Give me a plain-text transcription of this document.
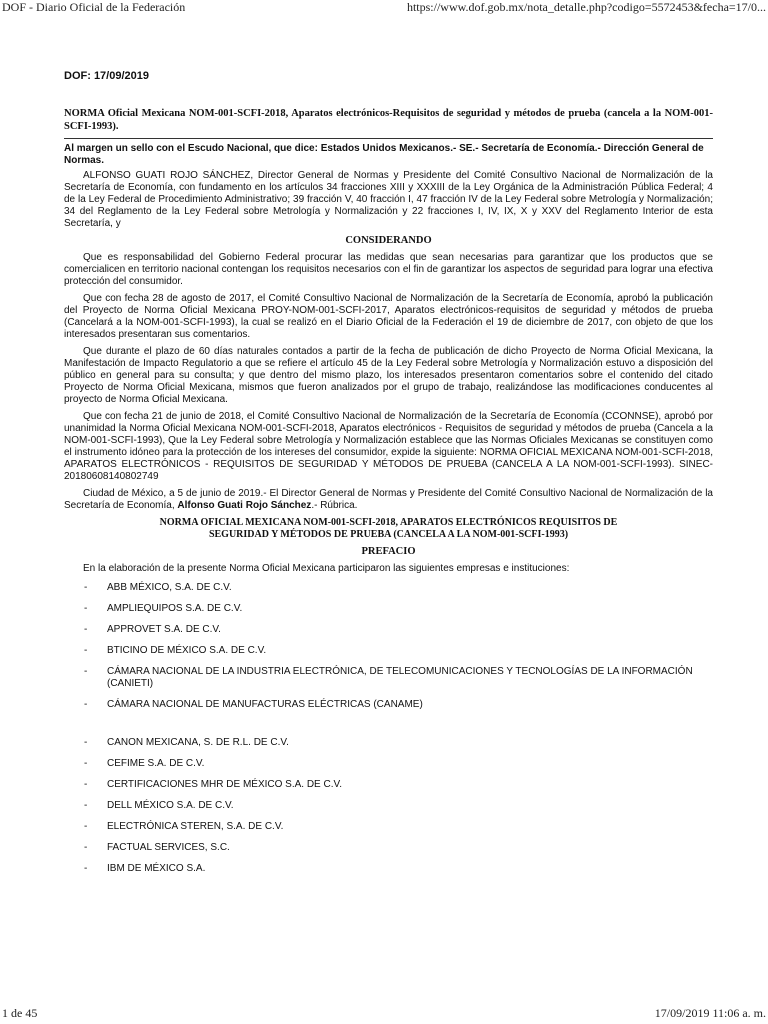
DOF - Diario Oficial de la Federación	https://www.dof.gob.mx/nota_detalle.php?codigo=5572453&fecha=17/0...
DOF: 17/09/2019
NORMA Oficial Mexicana NOM-001-SCFI-2018, Aparatos electrónicos-Requisitos de seguridad y métodos de prueba (cancela a la NOM-001-SCFI-1993).
Al margen un sello con el Escudo Nacional, que dice: Estados Unidos Mexicanos.- SE.- Secretaría de Economía.- Dirección General de Normas.

ALFONSO GUATI ROJO SÁNCHEZ, Director General de Normas y Presidente del Comité Consultivo Nacional de Normalización de la Secretaría de Economía, con fundamento en los artículos 34 fracciones XIII y XXXIII de la Ley Orgánica de la Administración Pública Federal; 4 de la Ley Federal de Procedimiento Administrativo; 39 fracción V, 40 fracción I, 47 fracción IV de la Ley Federal sobre Metrología y Normalización; 34 del Reglamento de la Ley Federal sobre Metrología y Normalización y 22 fracciones I, IV, IX, X y XXV del Reglamento Interior de esta Secretaría, y

CONSIDERANDO

Que es responsabilidad del Gobierno Federal procurar las medidas que sean necesarias para garantizar que los productos que se comercialicen en territorio nacional contengan los requisitos necesarios con el fin de garantizar los aspectos de seguridad para lograr una efectiva protección del consumidor.

Que con fecha 28 de agosto de 2017, el Comité Consultivo Nacional de Normalización de la Secretaría de Economía, aprobó la publicación del Proyecto de Norma Oficial Mexicana PROY-NOM-001-SCFI-2017, Aparatos electrónicos-requisitos de seguridad y métodos de prueba (Cancelará a la NOM-001-SCFI-1993), la cual se realizó en el Diario Oficial de la Federación el 19 de diciembre de 2017, con objeto de que los interesados presentaran sus comentarios.

Que durante el plazo de 60 días naturales contados a partir de la fecha de publicación de dicho Proyecto de Norma Oficial Mexicana, la Manifestación de Impacto Regulatorio a que se refiere el artículo 45 de la Ley Federal sobre Metrología y Normalización estuvo a disposición del público en general para su consulta; y que dentro del mismo plazo, los interesados presentaron comentarios sobre el contenido del citado Proyecto de Norma Oficial Mexicana, mismos que fueron analizados por el grupo de trabajo, realizándose las modificaciones conducentes al proyecto de Norma Oficial Mexicana.

Que con fecha 21 de junio de 2018, el Comité Consultivo Nacional de Normalización de la Secretaría de Economía (CCONNSE), aprobó por unanimidad la Norma Oficial Mexicana NOM-001-SCFI-2018, Aparatos electrónicos - Requisitos de seguridad y métodos de prueba (Cancela a la NOM-001-SCFI-1993), Que la Ley Federal sobre Metrología y Normalización establece que las Normas Oficiales Mexicanas se constituyen como el instrumento idóneo para la protección de los intereses del consumidor, expide la siguiente: NORMA OFICIAL MEXICANA NOM-001-SCFI-2018, APARATOS ELECTRÓNICOS - REQUISITOS DE SEGURIDAD Y MÉTODOS DE PRUEBA (CANCELA A LA NOM-001-SCFI-1993). SINEC- 20180608140802749

Ciudad de México, a 5 de junio de 2019.- El Director General de Normas y Presidente del Comité Consultivo Nacional de Normalización de la Secretaría de Economía, Alfonso Guati Rojo Sánchez.- Rúbrica.

NORMA OFICIAL MEXICANA NOM-001-SCFI-2018, APARATOS ELECTRÓNICOS REQUISITOS DE
SEGURIDAD Y MÉTODOS DE PRUEBA (CANCELA A LA NOM-001-SCFI-1993)
PREFACIO

En la elaboración de la presente Norma Oficial Mexicana participaron las siguientes empresas e instituciones:

- ABB MÉXICO, S.A. DE C.V.
- AMPLIEQUIPOS S.A. DE C.V.
- APPROVET S.A. DE C.V.
- BTICINO DE MÉXICO S.A. DE C.V.
- CÁMARA NACIONAL DE LA INDUSTRIA ELECTRÓNICA, DE TELECOMUNICACIONES Y TECNOLOGÍAS DE LA INFORMACIÓN (CANIETI)
- CÁMARA NACIONAL DE MANUFACTURAS ELÉCTRICAS (CANAME)
- CANON MEXICANA, S. DE R.L. DE C.V.
- CEFIME S.A. DE C.V.
- CERTIFICACIONES MHR DE MÉXICO S.A. DE C.V.
- DELL MÉXICO S.A. DE C.V.
- ELECTRÓNICA STEREN, S.A. DE C.V.
- FACTUAL SERVICES, S.C.
- IBM DE MÉXICO S.A.
1 de 45	17/09/2019 11:06 a. m.
